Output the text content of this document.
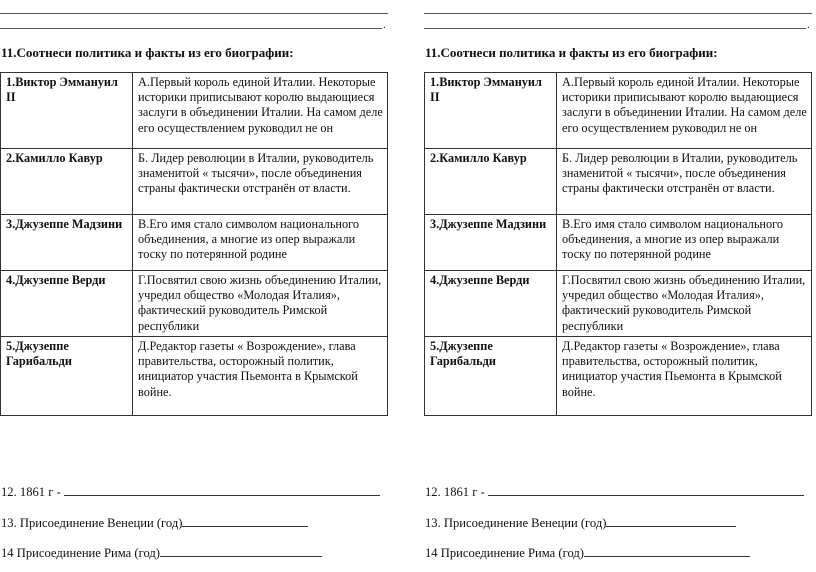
.
11.Соотнеси политика и факты из его биографии:
1.Виктор Эммануил II	А.Первый король единой Италии. Некоторые историки приписывают королю выдающиеся заслуги в объединении Италии. На самом деле его осуществлением руководил не он
2.Камилло Кавур	Б. Лидер революции в Италии, руководитель знаменитой « тысячи», после объединения страны фактически отстранён от власти.
3.Джузеппе Мадзини	В.Его имя стало символом национального объединения, а многие из опер выражали тоску по потерянной родине
4.Джузеппе Верди	Г.Посвятил свою жизнь объединению Италии, учредил общество «Молодая Италия», фактический руководитель Римской республики
5.Джузеппе Гарибальди	Д.Редактор газеты « Возрождение», глава правительства, осторожный политик, инициатор участия Пьемонта в Крымской войне.
12. 1861 г -
13. Присоединение Венеции (год)
14 Присоединение Рима (год)
.
11.Соотнеси политика и факты из его биографии:
1.Виктор Эммануил II	А.Первый король единой Италии. Некоторые историки приписывают королю выдающиеся заслуги в объединении Италии. На самом деле его осуществлением руководил не он
2.Камилло Кавур	Б. Лидер революции в Италии, руководитель знаменитой « тысячи», после объединения страны фактически отстранён от власти.
3.Джузеппе Мадзини	В.Его имя стало символом национального объединения, а многие из опер выражали тоску по потерянной родине
4.Джузеппе Верди	Г.Посвятил свою жизнь объединению Италии, учредил общество «Молодая Италия», фактический руководитель Римской республики
5.Джузеппе Гарибальди	Д.Редактор газеты « Возрождение», глава правительства, осторожный политик, инициатор участия Пьемонта в Крымской войне.
12. 1861 г -
13. Присоединение Венеции (год)
14 Присоединение Рима (год)
